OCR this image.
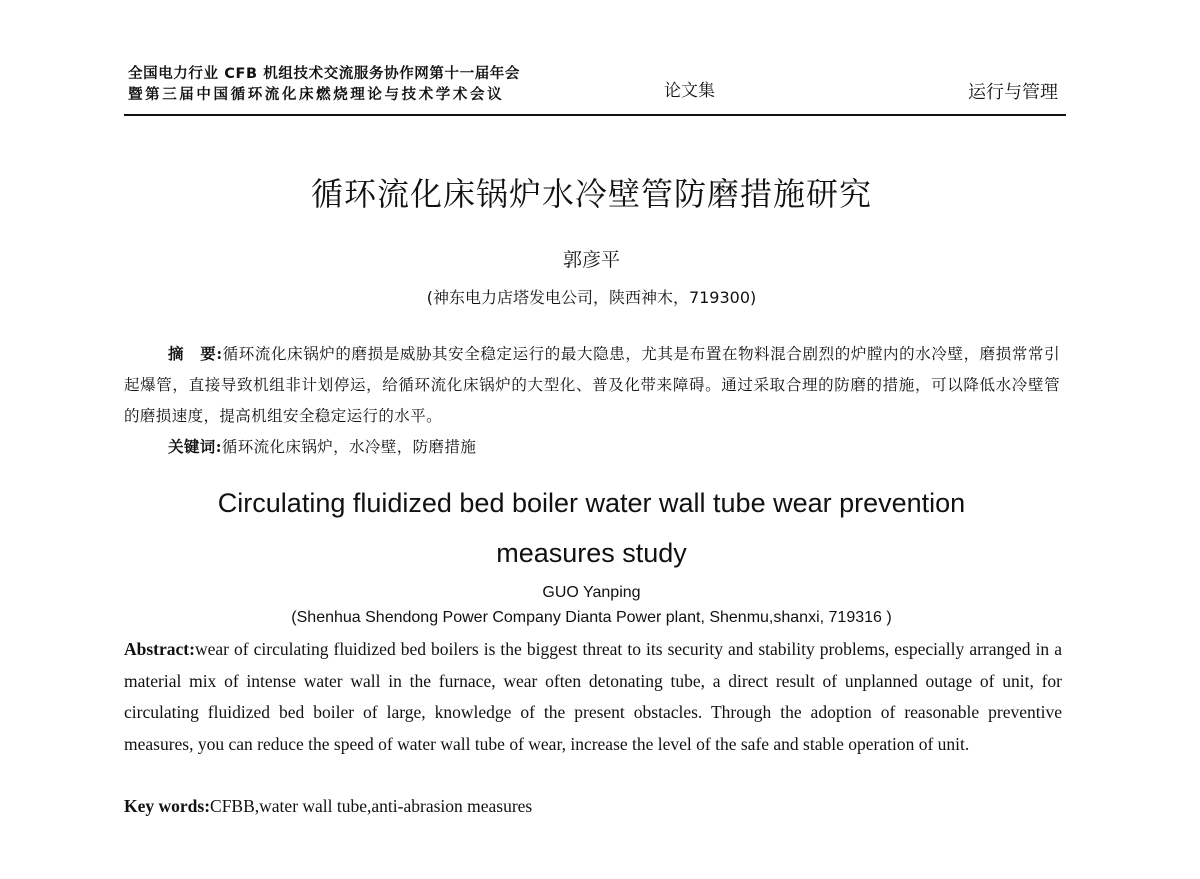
全国电力行业 CFB 机组技术交流服务协作网第十一届年会
暨第三届中国循环流化床燃烧理论与技术学术会议	论文集	运行与管理
循环流化床锅炉水冷壁管防磨措施研究
郭彦平
(神东电力店塔发电公司，陕西神木，719300)
摘　要:循环流化床锅炉的磨损是威胁其安全稳定运行的最大隐患，尤其是布置在物料混合剧烈的炉膛内的水冷壁，磨损常常引起爆管，直接导致机组非计划停运，给循环流化床锅炉的大型化、普及化带来障碍。通过采取合理的防磨的措施，可以降低水冷壁管的磨损速度，提高机组安全稳定运行的水平。
关键词:循环流化床锅炉，水冷壁，防磨措施
Circulating fluidized bed boiler water wall tube wear prevention
measures study
GUO Yanping
(Shenhua Shendong Power Company Dianta Power plant, Shenmu,shanxi, 719316 )
Abstract:wear of circulating fluidized bed boilers is the biggest threat to its security and stability problems, especially arranged in a material mix of intense water wall in the furnace, wear often detonating tube, a direct result of unplanned outage of unit, for circulating fluidized bed boiler of large, knowledge of the present obstacles. Through the adoption of reasonable preventive measures, you can reduce the speed of water wall tube of wear, increase the level of the safe and stable operation of unit.
Key words:CFBB,water wall tube,anti-abrasion measures
